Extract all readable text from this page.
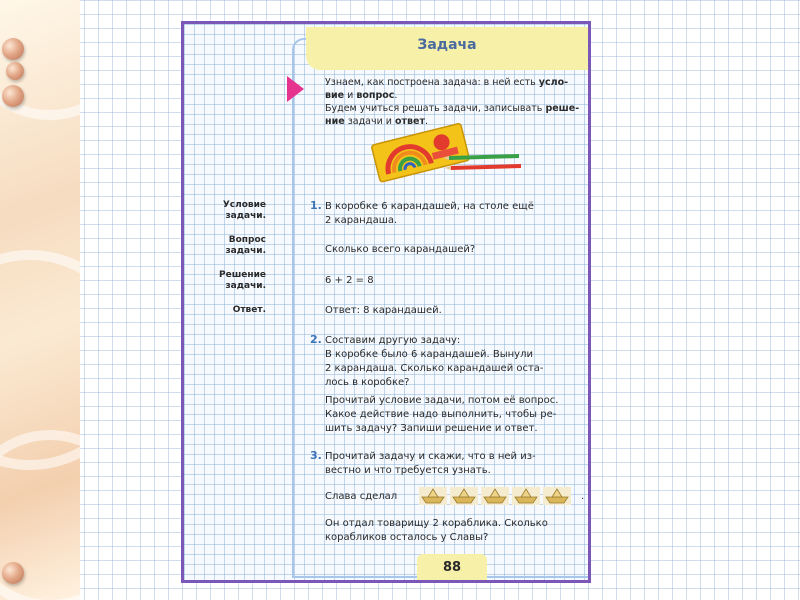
Задача
Узнаем, как построена задача: в ней есть усло-
вие и вопрос.
Будем учиться решать задачи, записывать реше-
ние задачи и ответ.
Условие
задачи.
Вопрос
задачи.
Решение
задачи.
Ответ.
1. В коробке 6 карандашей, на столе ещё
2 карандаша.
Сколько всего карандашей?
6 + 2 = 8
Ответ: 8 карандашей.
2. Составим другую задачу:
В коробке было 6 карандашей. Вынули
2 карандаша. Сколько карандашей оста-
лось в коробке?
Прочитай условие задачи, потом её вопрос.
Какое действие надо выполнить, чтобы ре-
шить задачу? Запиши решение и ответ.
3. Прочитай задачу и скажи, что в ней из-
вестно и что требуется узнать.
Слава сделал	.
Он отдал товарищу 2 кораблика. Сколько
корабликов осталось у Славы?
88
